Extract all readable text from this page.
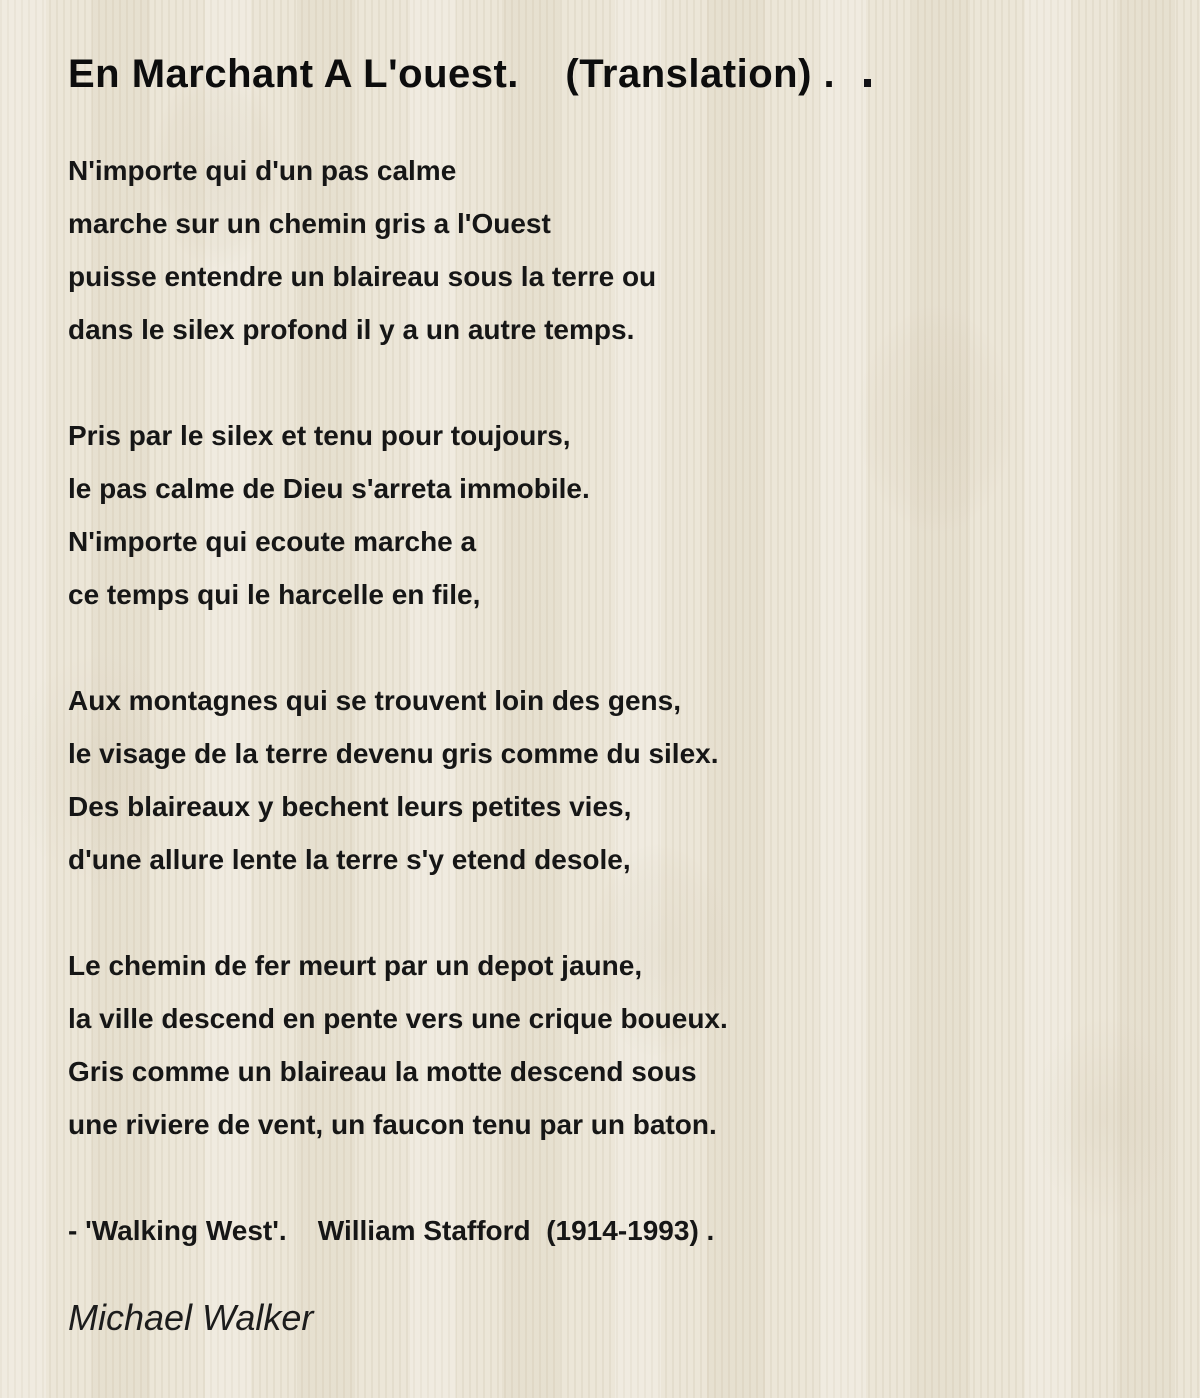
En Marchant A L'ouest.    (Translation) .
N'importe qui d'un pas calme
marche sur un chemin gris a l'Ouest
puisse entendre un blaireau sous la terre ou
dans le silex profond il y a un autre temps.
Pris par le silex et tenu pour toujours,
le pas calme de Dieu s'arreta immobile.
N'importe qui ecoute marche a
ce temps qui le harcelle en file,
Aux montagnes qui se trouvent loin des gens,
le visage de la terre devenu gris comme du silex.
Des blaireaux y bechent leurs petites vies,
d'une allure lente la terre s'y etend desole,
Le chemin de fer meurt par un depot jaune,
la ville descend en pente vers une crique boueux.
Gris comme un blaireau la motte descend sous
une riviere de vent, un faucon tenu par un baton.

- 'Walking West'.    William Stafford  (1914-1993) .

Michael Walker
